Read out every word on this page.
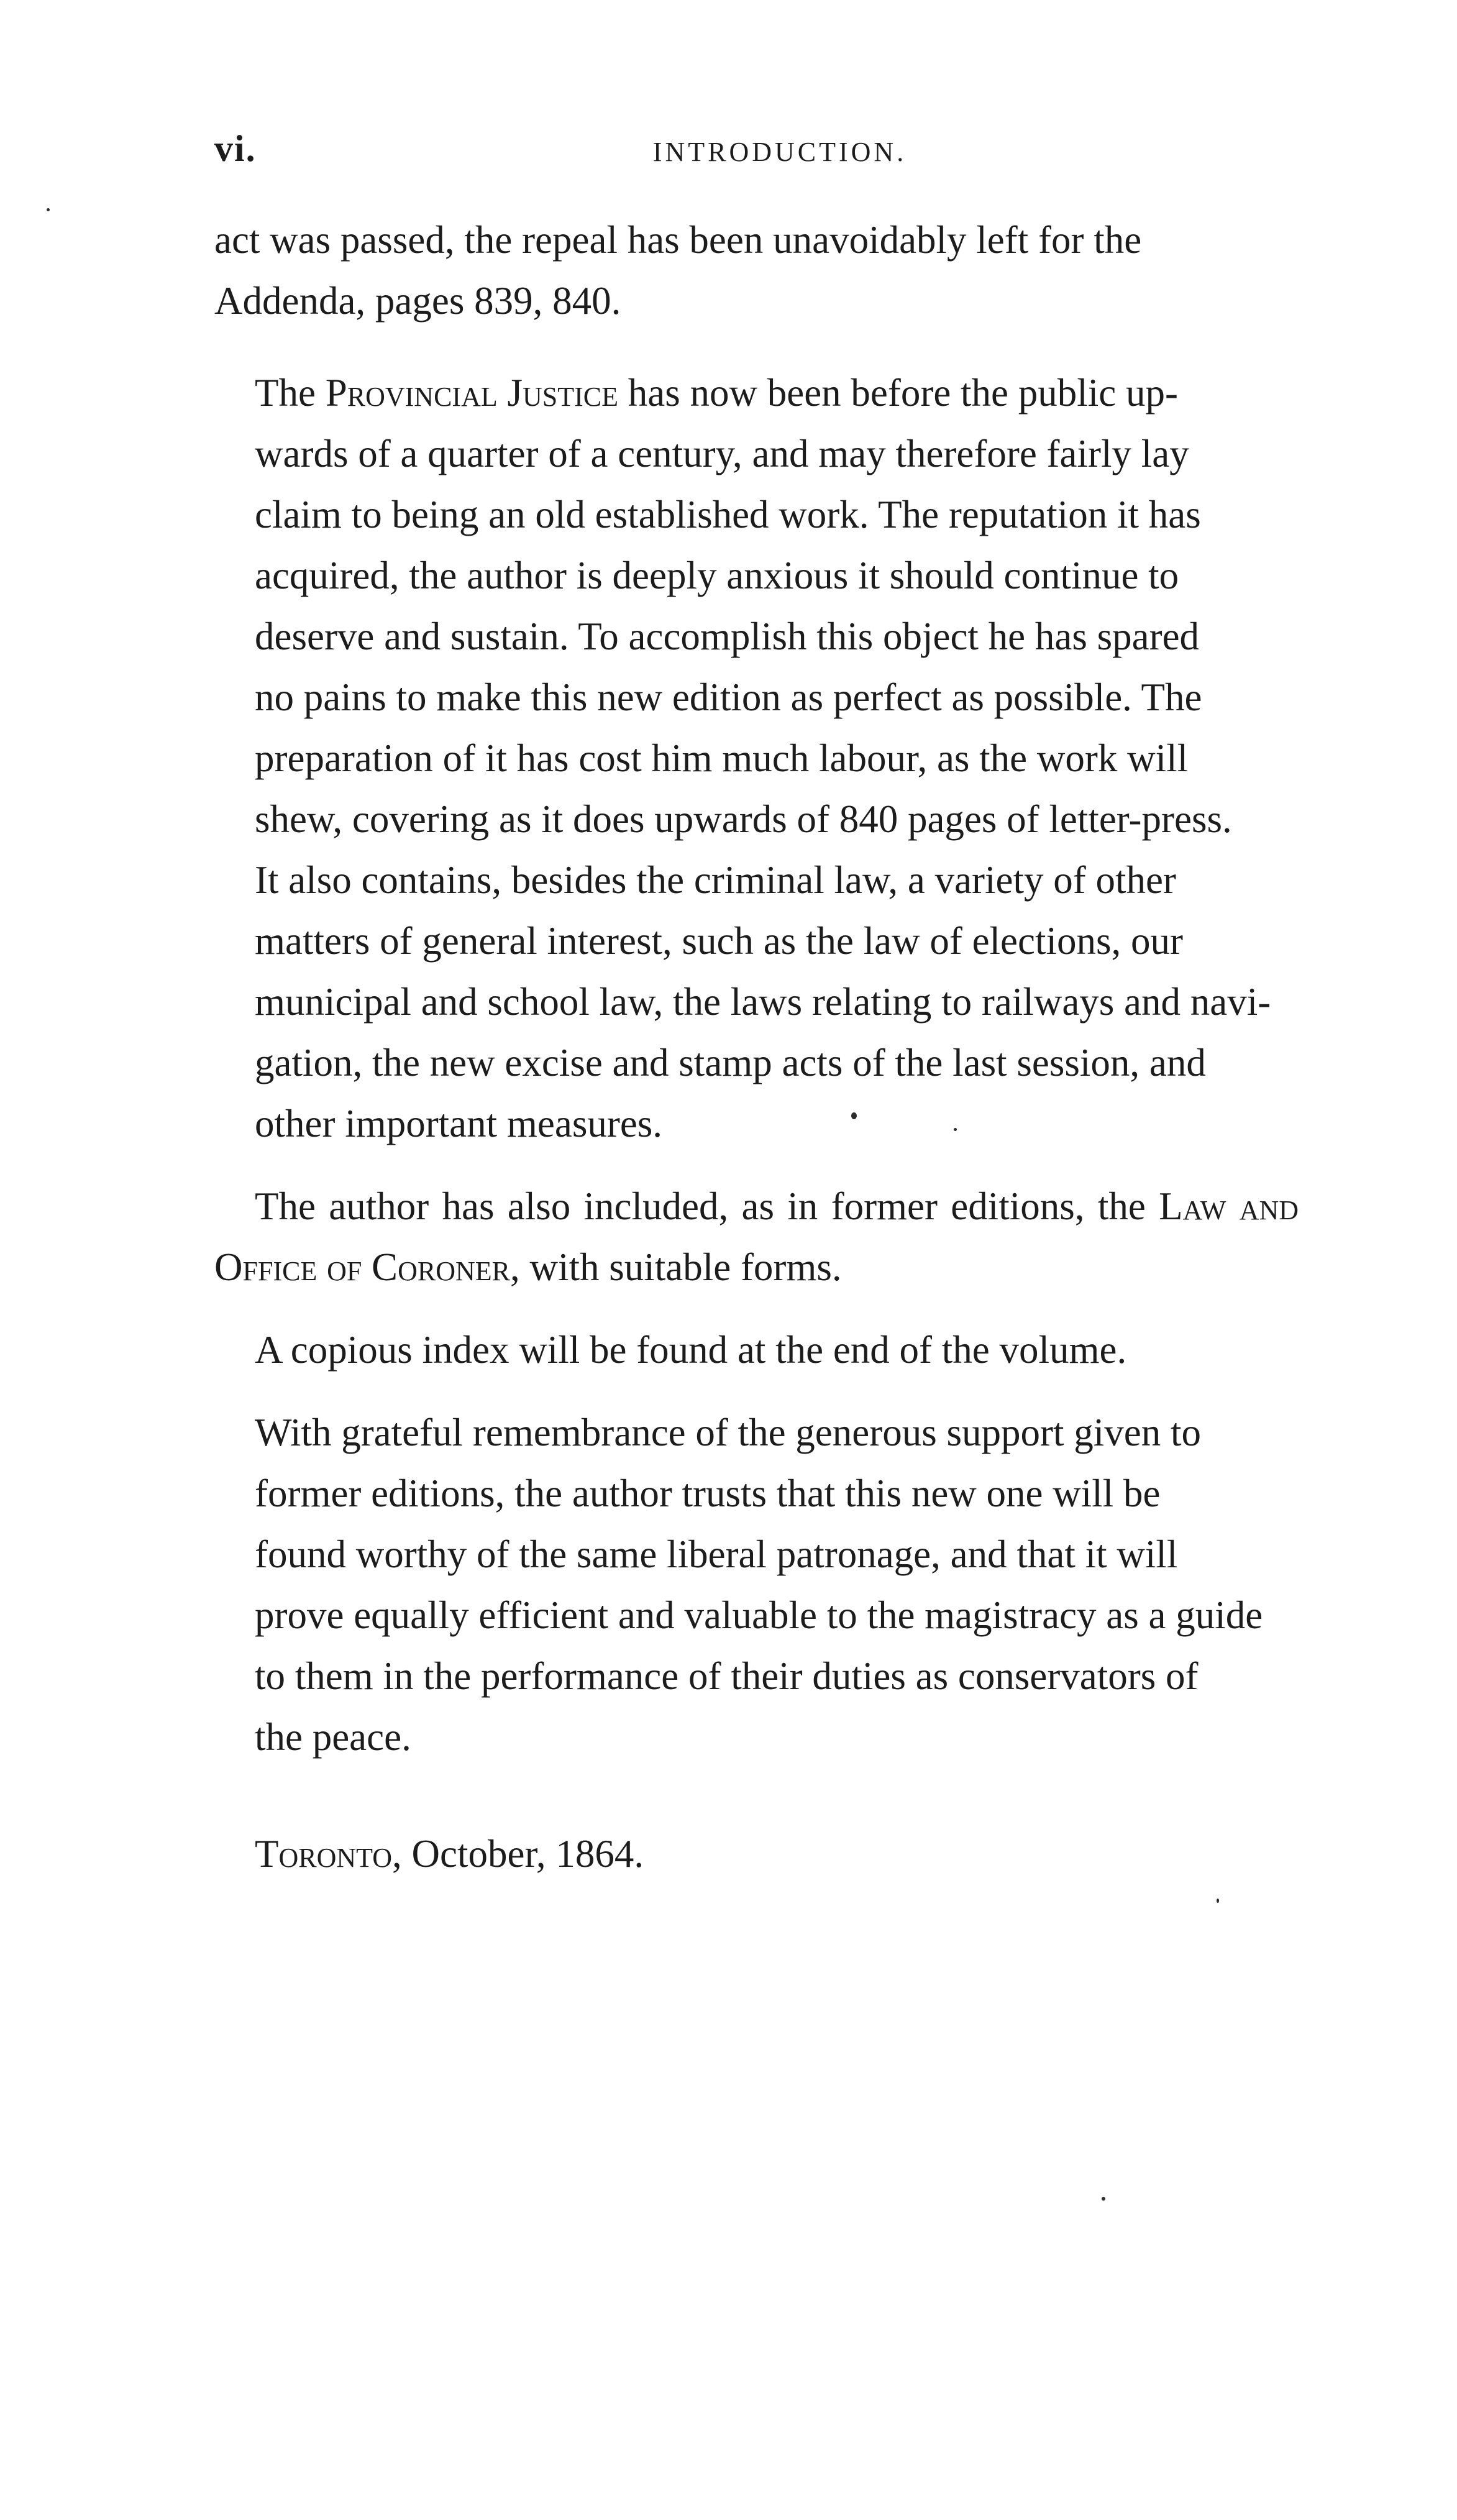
vi.	INTRODUCTION.

act was passed, the repeal has been unavoidably left for the
Addenda, pages 839, 840.

The Provincial Justice has now been before the public up-
wards of a quarter of a century, and may therefore fairly lay
claim to being an old established work. The reputation it has
acquired, the author is deeply anxious it should continue to
deserve and sustain. To accomplish this object he has spared
no pains to make this new edition as perfect as possible. The
preparation of it has cost him much labour, as the work will
shew, covering as it does upwards of 840 pages of letter-press.
It also contains, besides the criminal law, a variety of other
matters of general interest, such as the law of elections, our
municipal and school law, the laws relating to railways and navi-
gation, the new excise and stamp acts of the last session, and
other important measures.

The author has also included, as in former editions, the Law and Office of Coroner, with suitable forms.

A copious index will be found at the end of the volume.

With grateful remembrance of the generous support given to
former editions, the author trusts that this new one will be
found worthy of the same liberal patronage, and that it will
prove equally efficient and valuable to the magistracy as a guide
to them in the performance of their duties as conservators of
the peace.

Toronto, October, 1864.
